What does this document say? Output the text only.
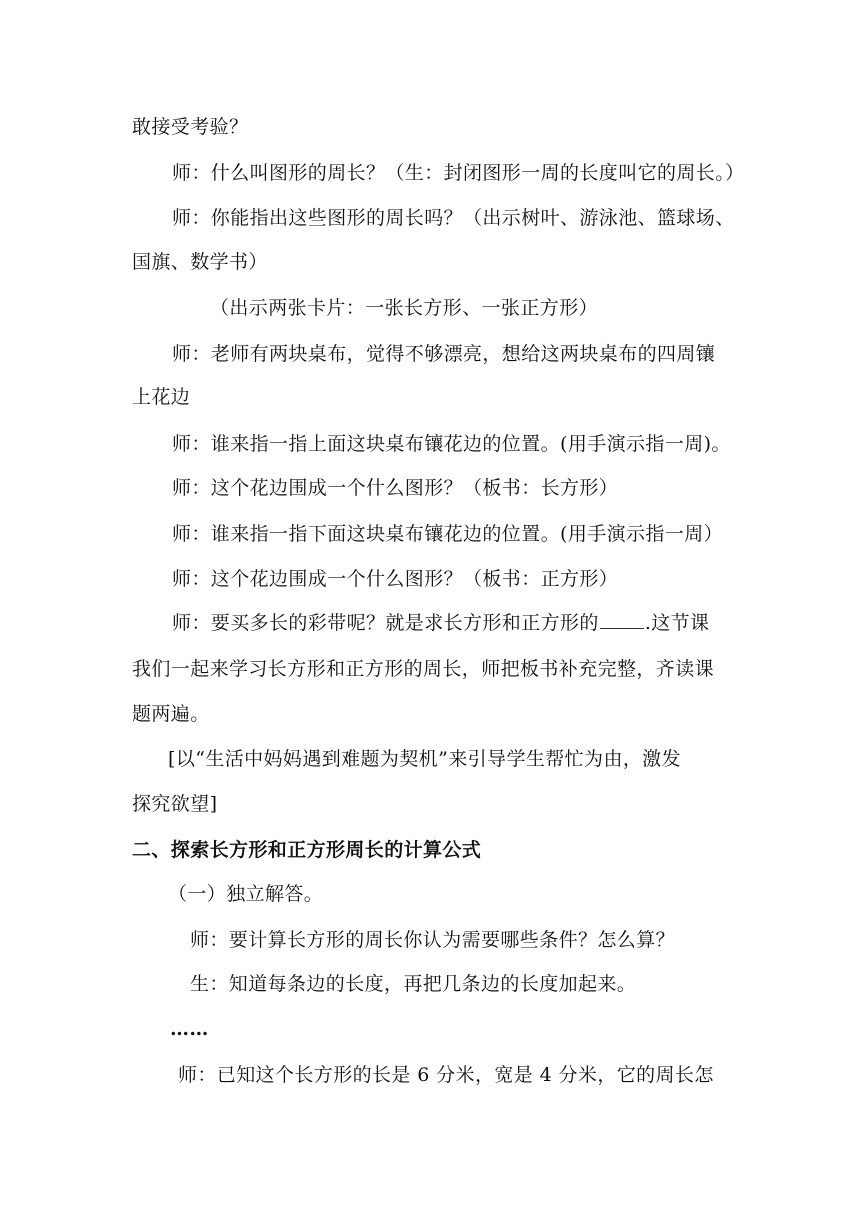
敢接受考验？

师：什么叫图形的周长？（生：封闭图形一周的长度叫它的周长。）

师：你能指出这些图形的周长吗？（出示树叶、游泳池、篮球场、

国旗、数学书）

（出示两张卡片：一张长方形、一张正方形）

师：老师有两块桌布，觉得不够漂亮，想给这两块桌布的四周镶

上花边

师：谁来指一指上面这块桌布镶花边的位置。(用手演示指一周)。

师：这个花边围成一个什么图形？（板书：长方形）

师：谁来指一指下面这块桌布镶花边的位置。(用手演示指一周）

师：这个花边围成一个什么图形？（板书：正方形）

师：要买多长的彩带呢？就是求长方形和正方形的 .这节课

我们一起来学习长方形和正方形的周长，师把板书补充完整，齐读课

题两遍。

[以“生活中妈妈遇到难题为契机”来引导学生帮忙为由，激发

探究欲望]

二、探索长方形和正方形周长的计算公式

（一）独立解答。

师：要计算长方形的周长你认为需要哪些条件？怎么算？

生：知道每条边的长度，再把几条边的长度加起来。

……

师：已知这个长方形的长是 6 分米，宽是 4 分米，它的周长怎
